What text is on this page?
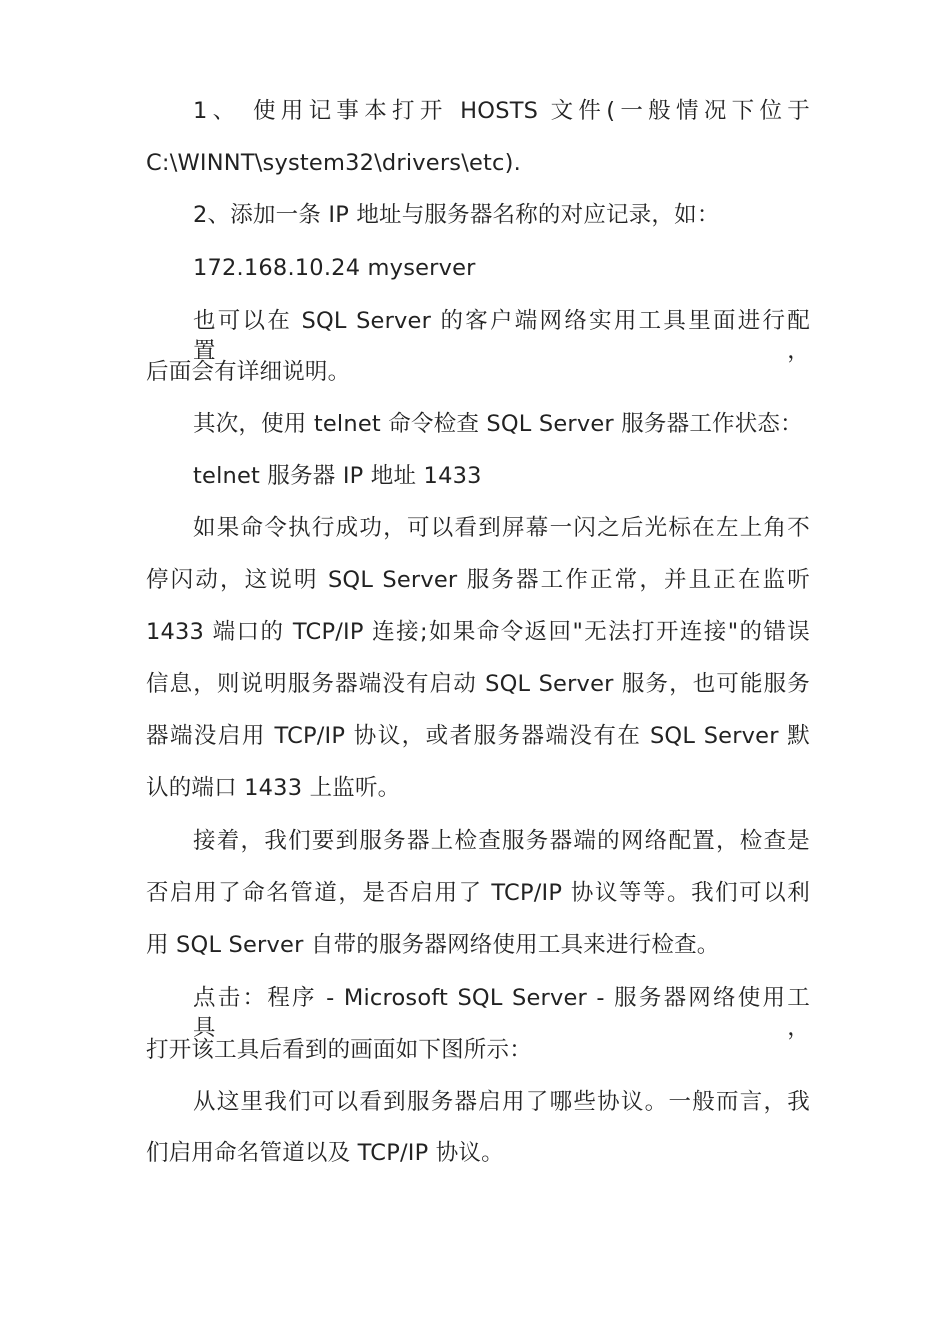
1、 使用记事本打开 HOSTS 文件(一般情况下位于
C:\WINNT\system32\drivers\etc).
2、添加一条 IP 地址与服务器名称的对应记录，如：
172.168.10.24 myserver
也可以在 SQL Server 的客户端网络实用工具里面进行配置，
后面会有详细说明。
其次，使用 telnet 命令检查 SQL Server 服务器工作状态：
telnet 服务器 IP 地址 1433
如果命令执行成功，可以看到屏幕一闪之后光标在左上角不
停闪动，这说明 SQL Server 服务器工作正常，并且正在监听
1433 端口的 TCP/IP 连接;如果命令返回"无法打开连接"的错误
信息，则说明服务器端没有启动 SQL Server 服务，也可能服务
器端没启用 TCP/IP 协议，或者服务器端没有在 SQL Server 默
认的端口 1433 上监听。
接着，我们要到服务器上检查服务器端的网络配置，检查是
否启用了命名管道，是否启用了 TCP/IP 协议等等。我们可以利
用 SQL Server 自带的服务器网络使用工具来进行检查。
点击：程序 - Microsoft SQL Server - 服务器网络使用工具，
打开该工具后看到的画面如下图所示：
从这里我们可以看到服务器启用了哪些协议。一般而言，我
们启用命名管道以及 TCP/IP 协议。
